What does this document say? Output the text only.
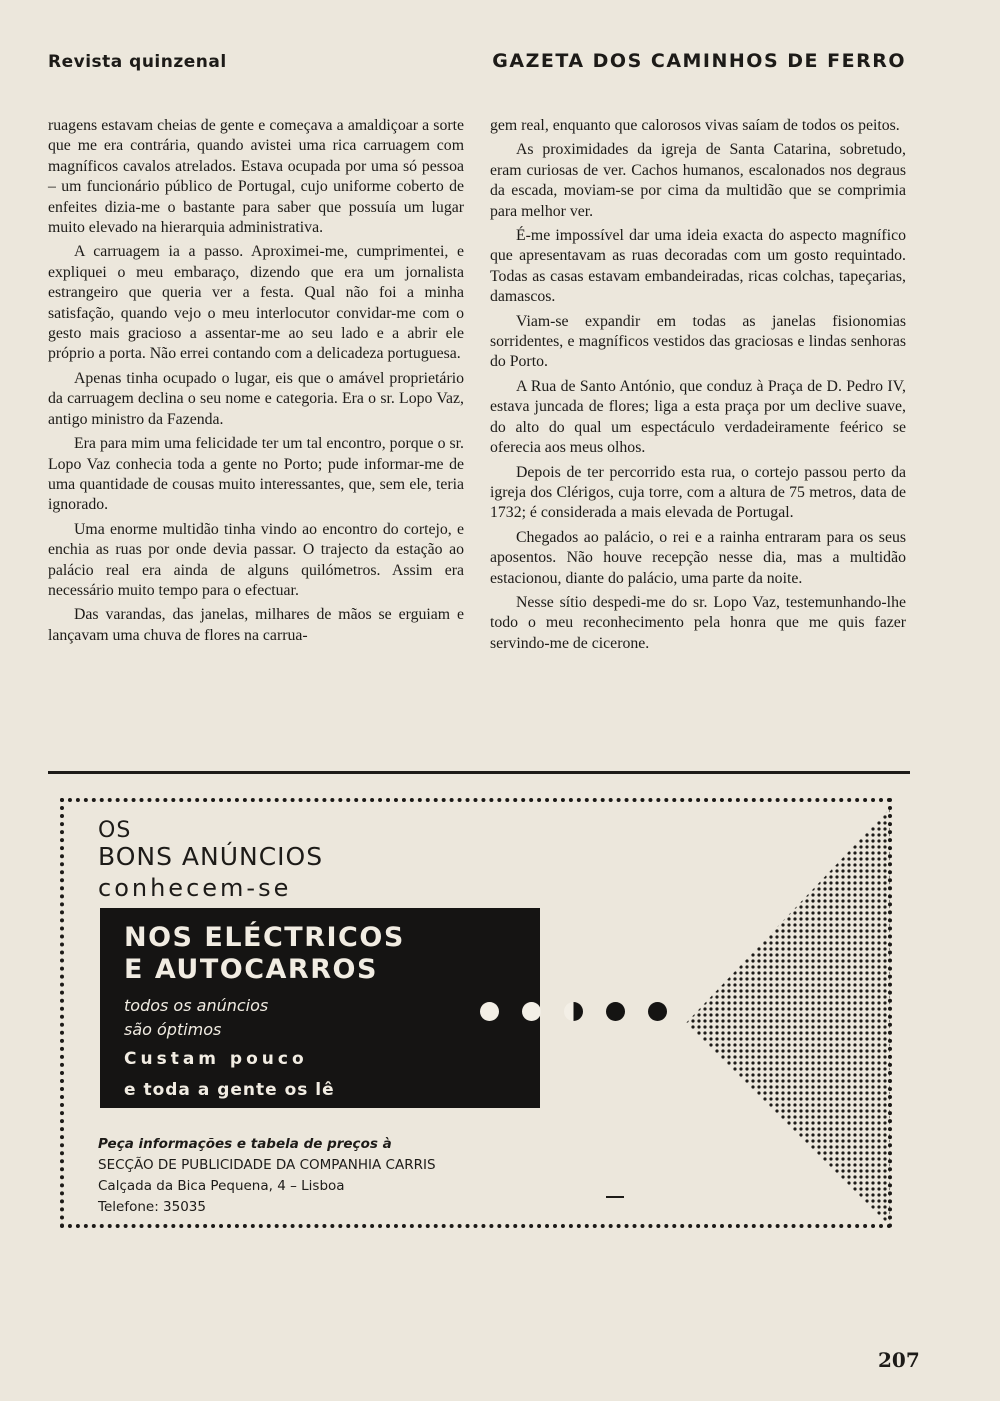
Revista quinzenal	GAZETA DOS CAMINHOS DE FERRO

ruagens estavam cheias de gente e começava a amaldiçoar a sorte que me era contrária, quando avistei uma rica carruagem com magníficos cavalos atrelados. Estava ocupada por uma só pessoa – um funcionário público de Portugal, cujo uniforme coberto de enfeites dizia-me o bastante para saber que possuía um lugar muito elevado na hierarquia administrativa.

A carruagem ia a passo. Aproximei-me, cumprimentei, e expliquei o meu embaraço, dizendo que era um jornalista estrangeiro que queria ver a festa. Qual não foi a minha satisfação, quando vejo o meu interlocutor convidar-me com o gesto mais gracioso a assentar-me ao seu lado e a abrir ele próprio a porta. Não errei contando com a delicadeza portuguesa.

Apenas tinha ocupado o lugar, eis que o amável proprietário da carruagem declina o seu nome e categoria. Era o sr. Lopo Vaz, antigo ministro da Fazenda.

Era para mim uma felicidade ter um tal encontro, porque o sr. Lopo Vaz conhecia toda a gente no Porto; pude informar-me de uma quantidade de cousas muito interessantes, que, sem ele, teria ignorado.

Uma enorme multidão tinha vindo ao encontro do cortejo, e enchia as ruas por onde devia passar. O trajecto da estação ao palácio real era ainda de alguns quilómetros. Assim era necessário muito tempo para o efectuar.

Das varandas, das janelas, milhares de mãos se erguiam e lançavam uma chuva de flores na carrua-

gem real, enquanto que calorosos vivas saíam de todos os peitos.

As proximidades da igreja de Santa Catarina, sobretudo, eram curiosas de ver. Cachos humanos, escalonados nos degraus da escada, moviam-se por cima da multidão que se comprimia para melhor ver.

É-me impossível dar uma ideia exacta do aspecto magnífico que apresentavam as ruas decoradas com um gosto requintado. Todas as casas estavam embandeiradas, ricas colchas, tapeçarias, damascos.

Viam-se expandir em todas as janelas fisionomias sorridentes, e magníficos vestidos das graciosas e lindas senhoras do Porto.

A Rua de Santo António, que conduz à Praça de D. Pedro IV, estava juncada de flores; liga a esta praça por um declive suave, do alto do qual um espectáculo verdadeiramente feérico se oferecia aos meus olhos.

Depois de ter percorrido esta rua, o cortejo passou perto da igreja dos Clérigos, cuja torre, com a altura de 75 metros, data de 1732; é considerada a mais elevada de Portugal.

Chegados ao palácio, o rei e a rainha entraram para os seus aposentos. Não houve recepção nesse dia, mas a multidão estacionou, diante do palácio, uma parte da noite.

Nesse sítio despedi-me do sr. Lopo Vaz, testemunhando-lhe todo o meu reconhecimento pela honra que me quis fazer servindo-me de cicerone.

OS
BONS ANÚNCIOS
conhecem-se
NOS ELÉCTRICOS
E AUTOCARROS
todos os anúncios
são óptimos
Custam pouco
e toda a gente os lê
Peça informações e tabela de preços à
SECÇÃO DE PUBLICIDADE DA COMPANHIA CARRIS
Calçada da Bica Pequena, 4 – Lisboa
Telefone: 35035
207
